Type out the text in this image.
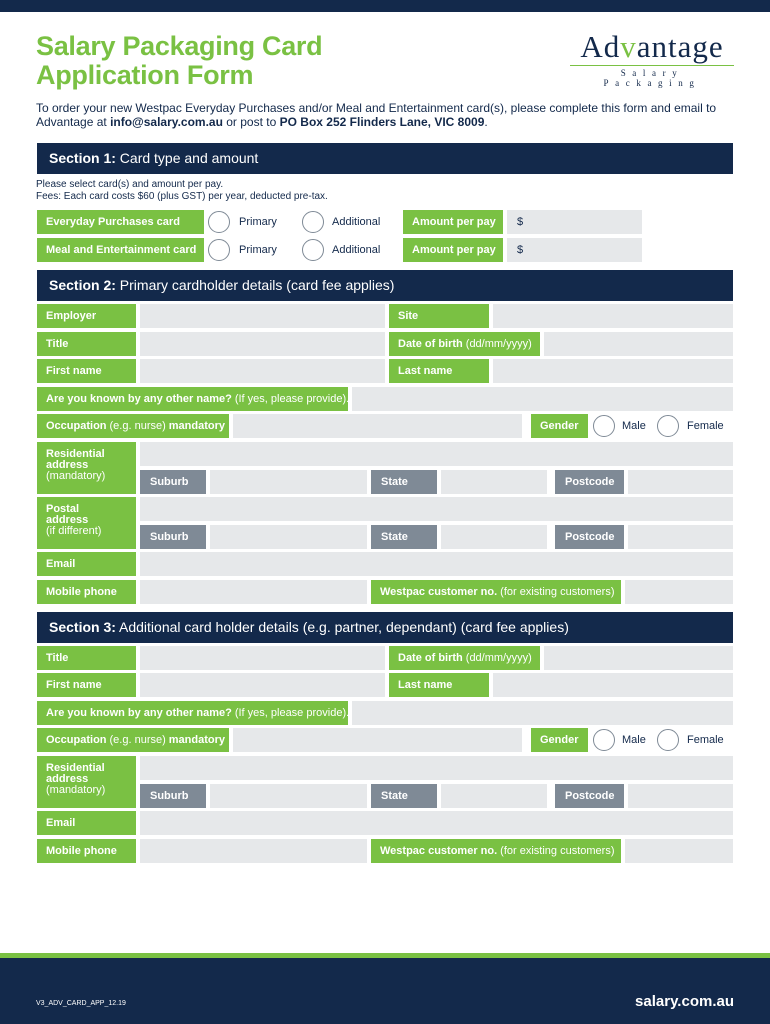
Salary Packaging Card
Application Form
Advantage
Salary Packaging
To order your new Westpac Everyday Purchases and/or Meal and Entertainment card(s), please complete this form and email to Advantage at info@salary.com.au or post to PO Box 252 Flinders Lane, VIC 8009.
Section 1: Card type and amount
Please select card(s) and amount per pay.
Fees: Each card costs $60 (plus GST) per year, deducted pre-tax.
Everyday Purchases card	Primary	Additional	Amount per pay	$
Meal and Entertainment card	Primary	Additional	Amount per pay	$
Section 2: Primary cardholder details (card fee applies)
Employer	Site
Title	Date of birth (dd/mm/yyyy)
First name	Last name
Are you known by any other name? (If yes, please provide).
Occupation (e.g. nurse) mandatory	Gender	Male	Female
Residential
address
(mandatory)	Suburb	State	Postcode
Postal
address
(if different)	Suburb	State	Postcode
Email
Mobile phone	Westpac customer no. (for existing customers)
Section 3: Additional card holder details (e.g. partner, dependant) (card fee applies)
Title	Date of birth (dd/mm/yyyy)
First name	Last name
Are you known by any other name? (If yes, please provide).
Occupation (e.g. nurse) mandatory	Gender	Male	Female
Residential
address
(mandatory)	Suburb	State	Postcode
Email
Mobile phone	Westpac customer no. (for existing customers)
V3_ADV_CARD_APP_12.19	salary.com.au
